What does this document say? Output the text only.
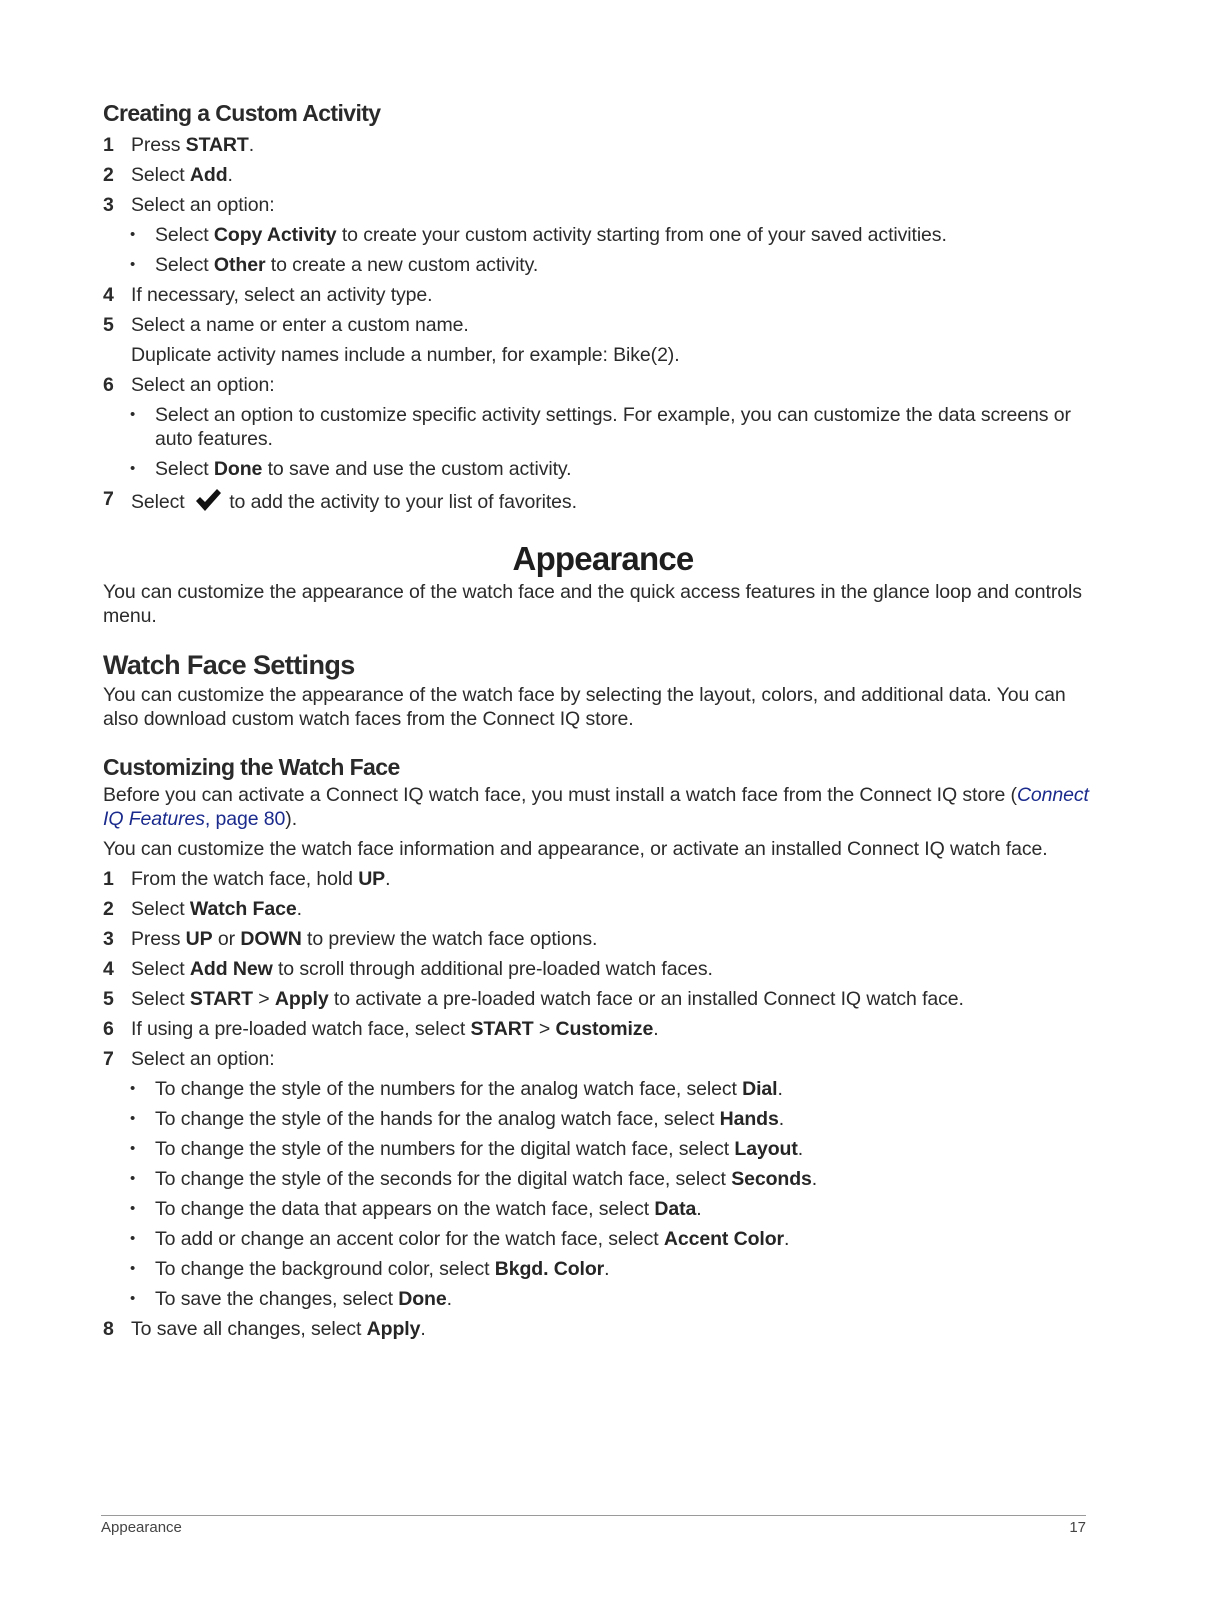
Creating a Custom Activity
1 Press START.
2 Select Add.
3 Select an option:
• Select Copy Activity to create your custom activity starting from one of your saved activities.
• Select Other to create a new custom activity.
4 If necessary, select an activity type.
5 Select a name or enter a custom name.
Duplicate activity names include a number, for example: Bike(2).
6 Select an option:
• Select an option to customize specific activity settings. For example, you can customize the data screens or auto features.
• Select Done to save and use the custom activity.
7 Select  to add the activity to your list of favorites.
Appearance
You can customize the appearance of the watch face and the quick access features in the glance loop and controls menu.
Watch Face Settings
You can customize the appearance of the watch face by selecting the layout, colors, and additional data. You can also download custom watch faces from the Connect IQ store.
Customizing the Watch Face
Before you can activate a Connect IQ watch face, you must install a watch face from the Connect IQ store (Connect IQ Features, page 80).
You can customize the watch face information and appearance, or activate an installed Connect IQ watch face.
1 From the watch face, hold UP.
2 Select Watch Face.
3 Press UP or DOWN to preview the watch face options.
4 Select Add New to scroll through additional pre-loaded watch faces.
5 Select START > Apply to activate a pre-loaded watch face or an installed Connect IQ watch face.
6 If using a pre-loaded watch face, select START > Customize.
7 Select an option:
• To change the style of the numbers for the analog watch face, select Dial.
• To change the style of the hands for the analog watch face, select Hands.
• To change the style of the numbers for the digital watch face, select Layout.
• To change the style of the seconds for the digital watch face, select Seconds.
• To change the data that appears on the watch face, select Data.
• To add or change an accent color for the watch face, select Accent Color.
• To change the background color, select Bkgd. Color.
• To save the changes, select Done.
8 To save all changes, select Apply.
Appearance	17
